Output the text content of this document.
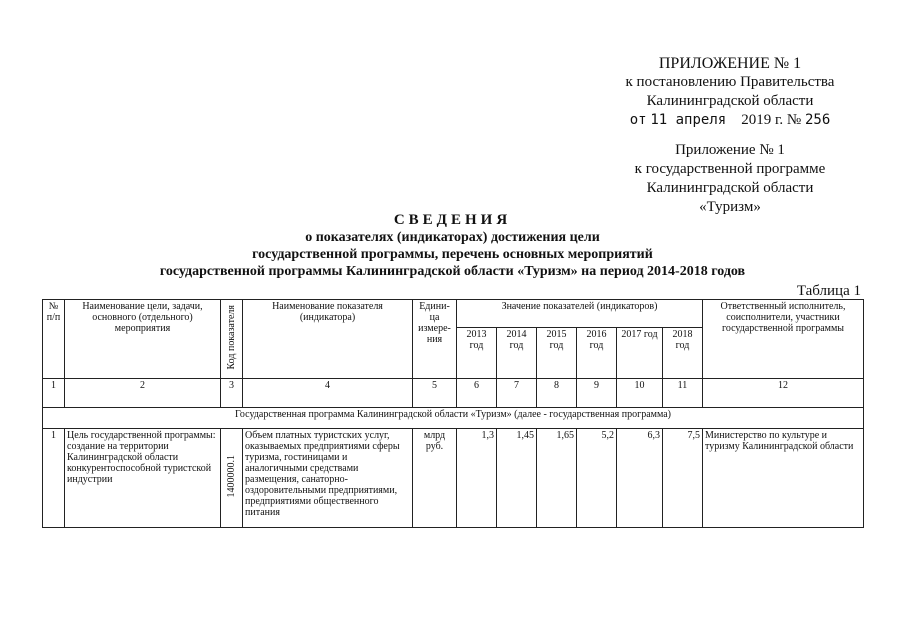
ПРИЛОЖЕНИЕ № 1
к постановлению Правительства
Калининградской области
от 11 апреля 2019 г. № 256
Приложение № 1
к государственной программе
Калининградской области
«Туризм»
СВЕДЕНИЯ
о показателях (индикаторах) достижения цели
государственной программы, перечень основных мероприятий
государственной программы Калининградской области «Туризм» на период 2014-2018 годов
Таблица 1
№ п/п	Наименование цели, задачи, основного (отдельного) мероприятия	Код показателя	Наименование показателя (индикатора)	Едини- ца измере- ния	Значение показателей (индикаторов)						Ответственный исполнитель, соисполнители, участники государственной программы
					2013 год	2014 год	2015 год	2016 год	2017 год	2018 год	
1	2	3	4	5	6	7	8	9	10	11	12
Государственная программа Калининградской области «Туризм» (далее - государственная программа)											
1	Цель государственной программы: создание на территории Калининградской области конкурентоспособной туристской индустрии	1400000.1	Объем платных туристских услуг, оказываемых предприятиями сферы туризма, гостиницами и аналогичными средствами размещения, санаторно-оздоровительными предприятиями, предприятиями общественного питания	млрд руб.	1,3	1,45	1,65	5,2	6,3	7,5	Министерство по культуре и туризму Калининградской области
